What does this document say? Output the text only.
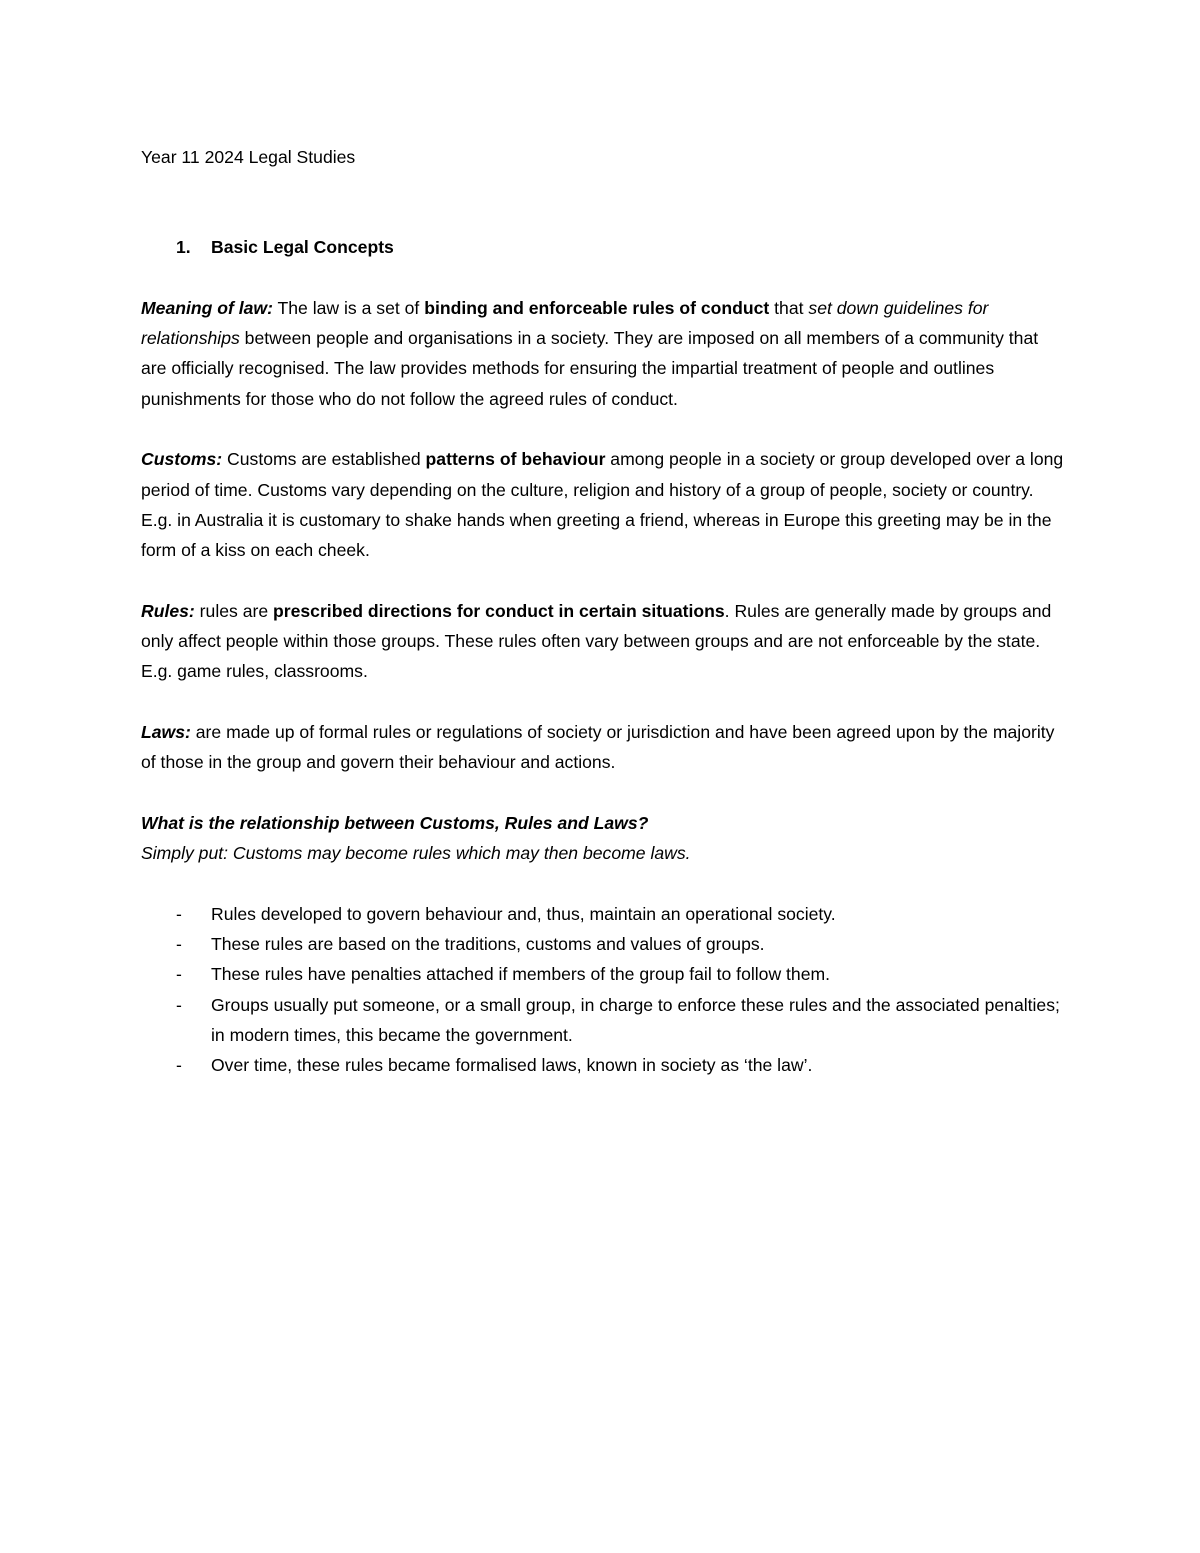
Year 11 2024 Legal Studies

1.	Basic Legal Concepts

Meaning of law: The law is a set of binding and enforceable rules of conduct that set down guidelines for relationships between people and organisations in a society. They are imposed on all members of a community that are officially recognised. The law provides methods for ensuring the impartial treatment of people and outlines punishments for those who do not follow the agreed rules of conduct.

Customs: Customs are established patterns of behaviour among people in a society or group developed over a long period of time. Customs vary depending on the culture, religion and history of a group of people, society or country. E.g. in Australia it is customary to shake hands when greeting a friend, whereas in Europe this greeting may be in the form of a kiss on each cheek.

Rules: rules are prescribed directions for conduct in certain situations. Rules are generally made by groups and only affect people within those groups. These rules often vary between groups and are not enforceable by the state. E.g. game rules, classrooms.

Laws: are made up of formal rules or regulations of society or jurisdiction and have been agreed upon by the majority of those in the group and govern their behaviour and actions.

What is the relationship between Customs, Rules and Laws?

Simply put: Customs may become rules which may then become laws.

- Rules developed to govern behaviour and, thus, maintain an operational society.
- These rules are based on the traditions, customs and values of groups.
- These rules have penalties attached if members of the group fail to follow them.
- Groups usually put someone, or a small group, in charge to enforce these rules and the associated penalties; in modern times, this became the government.
- Over time, these rules became formalised laws, known in society as ‘the law’.
